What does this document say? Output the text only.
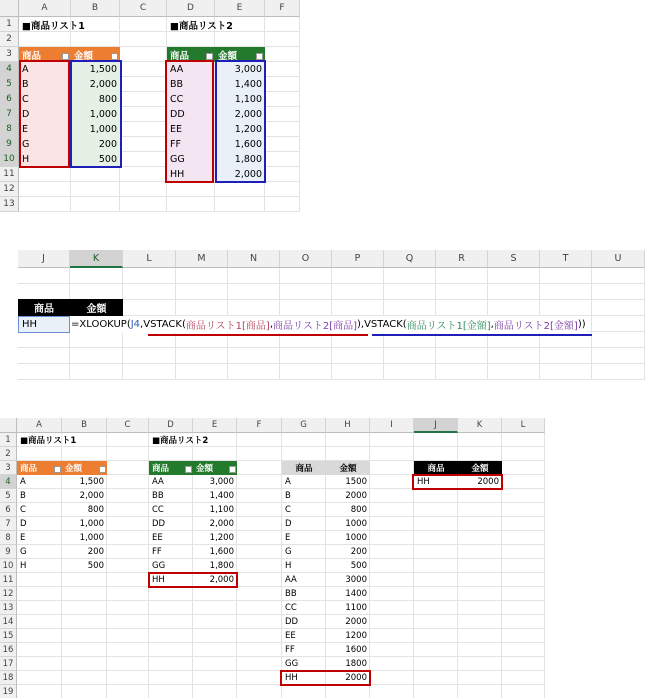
A	B	C	D	E	F
1
2
3
4
5
6
7
8
9
10
11
12
13
■商品リスト1	■商品リスト2
商品	金額
A	1,500
B	2,000
C	800
D	1,000
E	1,000
G	200
H	500
商品	金額
AA	3,000
BB	1,400
CC	1,100
DD	2,000
EE	1,200
FF	1,600
GG	1,800
HH	2,000
J	K	L	M	N	O	P	Q	R	S	T	U
商品	金額
HH	=XLOOKUP( J4 ,VSTACK( 商品リスト1[商品] , 商品リスト2[商品] ),VSTACK( 商品リスト1[金額] , 商品リスト2[金額] ))
A	B	C	D	E	F	G	H	I	J	K	L
1
2
3
4
5
6
7
8
9
10
11
12
13
14
15
16
17
18
19
■商品リスト1	■商品リスト2
商品	金額
A	1,500
B	2,000
C	800
D	1,000
E	1,000
G	200
H	500
商品	金額
AA	3,000
BB	1,400
CC	1,100
DD	2,000
EE	1,200
FF	1,600
GG	1,800
HH	2,000
商品	金額
A	1500
B	2000
C	800
D	1000
E	1000
G	200
H	500
AA	3000
BB	1400
CC	1100
DD	2000
EE	1200
FF	1600
GG	1800
HH	2000
商品	金額
HH	2000
